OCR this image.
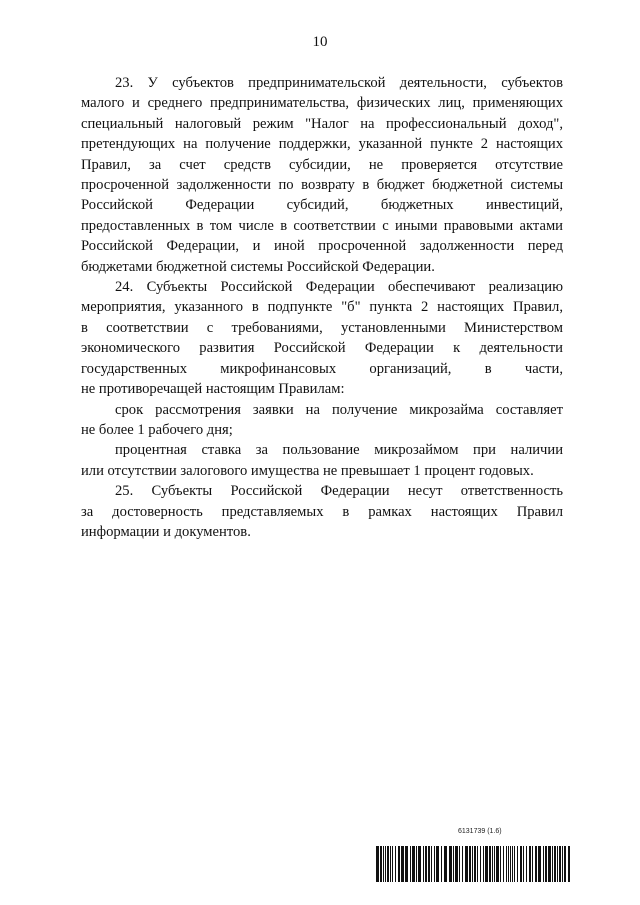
10

23. У субъектов предпринимательской деятельности, субъектов
малого и среднего предпринимательства, физических лиц, применяющих
специальный налоговый режим "Налог на профессиональный доход",
претендующих на получение поддержки, указанной пункте 2 настоящих
Правил, за счет средств субсидии, не проверяется отсутствие
просроченной задолженности по возврату в бюджет бюджетной системы
Российской Федерации субсидий, бюджетных инвестиций,
предоставленных в том числе в соответствии с иными правовыми актами
Российской Федерации, и иной просроченной задолженности перед
бюджетами бюджетной системы Российской Федерации.

24. Субъекты Российской Федерации обеспечивают реализацию
мероприятия, указанного в подпункте "б" пункта 2 настоящих Правил,
в соответствии с требованиями, установленными Министерством
экономического развития Российской Федерации к деятельности
государственных микрофинансовых организаций, в части,
не противоречащей настоящим Правилам:

срок рассмотрения заявки на получение микрозайма составляет
не более 1 рабочего дня;

процентная ставка за пользование микрозаймом при наличии
или отсутствии залогового имущества не превышает 1 процент годовых.

25. Субъекты Российской Федерации несут ответственность
за достоверность представляемых в рамках настоящих Правил
информации и документов.

6131739 (1.6)
